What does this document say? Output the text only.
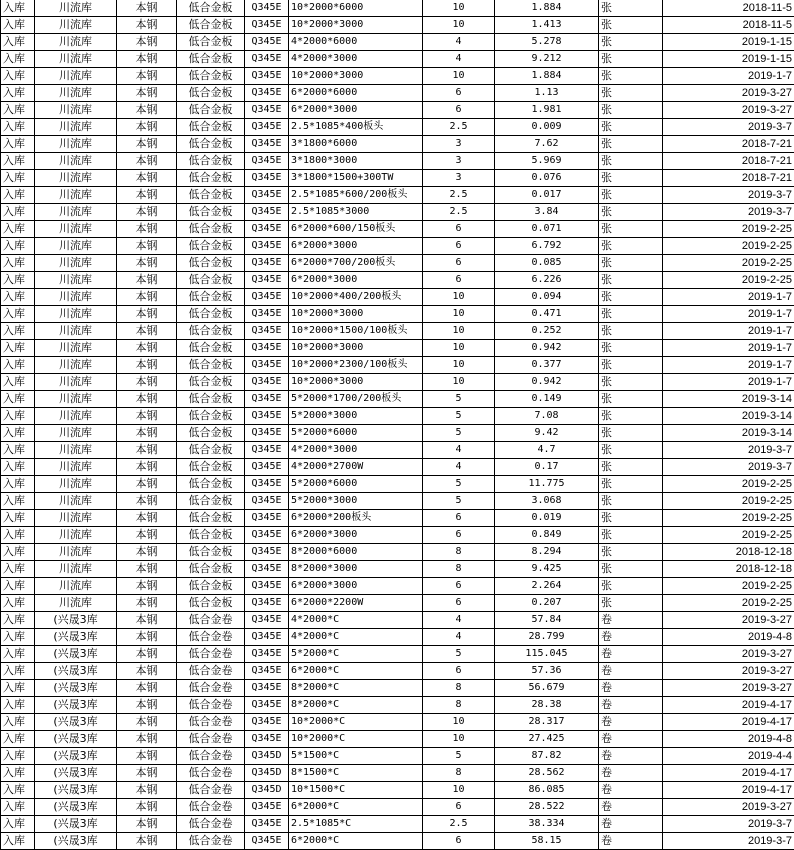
入库	川流库	本钢	低合金板	Q345E	10*2000*6000	10	1.884	张	2018-11-5
入库	川流库	本钢	低合金板	Q345E	10*2000*3000	10	1.413	张	2018-11-5
入库	川流库	本钢	低合金板	Q345E	4*2000*6000	4	5.278	张	2019-1-15
入库	川流库	本钢	低合金板	Q345E	4*2000*3000	4	9.212	张	2019-1-15
入库	川流库	本钢	低合金板	Q345E	10*2000*3000	10	1.884	张	2019-1-7
入库	川流库	本钢	低合金板	Q345E	6*2000*6000	6	1.13	张	2019-3-27
入库	川流库	本钢	低合金板	Q345E	6*2000*3000	6	1.981	张	2019-3-27
入库	川流库	本钢	低合金板	Q345E	2.5*1085*400板头	2.5	0.009	张	2019-3-7
入库	川流库	本钢	低合金板	Q345E	3*1800*6000	3	7.62	张	2018-7-21
入库	川流库	本钢	低合金板	Q345E	3*1800*3000	3	5.969	张	2018-7-21
入库	川流库	本钢	低合金板	Q345E	3*1800*1500+300TW	3	0.076	张	2018-7-21
入库	川流库	本钢	低合金板	Q345E	2.5*1085*600/200板头	2.5	0.017	张	2019-3-7
入库	川流库	本钢	低合金板	Q345E	2.5*1085*3000	2.5	3.84	张	2019-3-7
入库	川流库	本钢	低合金板	Q345E	6*2000*600/150板头	6	0.071	张	2019-2-25
入库	川流库	本钢	低合金板	Q345E	6*2000*3000	6	6.792	张	2019-2-25
入库	川流库	本钢	低合金板	Q345E	6*2000*700/200板头	6	0.085	张	2019-2-25
入库	川流库	本钢	低合金板	Q345E	6*2000*3000	6	6.226	张	2019-2-25
入库	川流库	本钢	低合金板	Q345E	10*2000*400/200板头	10	0.094	张	2019-1-7
入库	川流库	本钢	低合金板	Q345E	10*2000*3000	10	0.471	张	2019-1-7
入库	川流库	本钢	低合金板	Q345E	10*2000*1500/100板头	10	0.252	张	2019-1-7
入库	川流库	本钢	低合金板	Q345E	10*2000*3000	10	0.942	张	2019-1-7
入库	川流库	本钢	低合金板	Q345E	10*2000*2300/100板头	10	0.377	张	2019-1-7
入库	川流库	本钢	低合金板	Q345E	10*2000*3000	10	0.942	张	2019-1-7
入库	川流库	本钢	低合金板	Q345E	5*2000*1700/200板头	5	0.149	张	2019-3-14
入库	川流库	本钢	低合金板	Q345E	5*2000*3000	5	7.08	张	2019-3-14
入库	川流库	本钢	低合金板	Q345E	5*2000*6000	5	9.42	张	2019-3-14
入库	川流库	本钢	低合金板	Q345E	4*2000*3000	4	4.7	张	2019-3-7
入库	川流库	本钢	低合金板	Q345E	4*2000*2700W	4	0.17	张	2019-3-7
入库	川流库	本钢	低合金板	Q345E	5*2000*6000	5	11.775	张	2019-2-25
入库	川流库	本钢	低合金板	Q345E	5*2000*3000	5	3.068	张	2019-2-25
入库	川流库	本钢	低合金板	Q345E	6*2000*200板头	6	0.019	张	2019-2-25
入库	川流库	本钢	低合金板	Q345E	6*2000*3000	6	0.849	张	2019-2-25
入库	川流库	本钢	低合金板	Q345E	8*2000*6000	8	8.294	张	2018-12-18
入库	川流库	本钢	低合金板	Q345E	8*2000*3000	8	9.425	张	2018-12-18
入库	川流库	本钢	低合金板	Q345E	6*2000*3000	6	2.264	张	2019-2-25
入库	川流库	本钢	低合金板	Q345E	6*2000*2200W	6	0.207	张	2019-2-25
入库	(兴晟3库	本钢	低合金卷	Q345E	4*2000*C	4	57.84	卷	2019-3-27
入库	(兴晟3库	本钢	低合金卷	Q345E	4*2000*C	4	28.799	卷	2019-4-8
入库	(兴晟3库	本钢	低合金卷	Q345E	5*2000*C	5	115.045	卷	2019-3-27
入库	(兴晟3库	本钢	低合金卷	Q345E	6*2000*C	6	57.36	卷	2019-3-27
入库	(兴晟3库	本钢	低合金卷	Q345E	8*2000*C	8	56.679	卷	2019-3-27
入库	(兴晟3库	本钢	低合金卷	Q345E	8*2000*C	8	28.38	卷	2019-4-17
入库	(兴晟3库	本钢	低合金卷	Q345E	10*2000*C	10	28.317	卷	2019-4-17
入库	(兴晟3库	本钢	低合金卷	Q345E	10*2000*C	10	27.425	卷	2019-4-8
入库	(兴晟3库	本钢	低合金卷	Q345D	5*1500*C	5	87.82	卷	2019-4-4
入库	(兴晟3库	本钢	低合金卷	Q345D	8*1500*C	8	28.562	卷	2019-4-17
入库	(兴晟3库	本钢	低合金卷	Q345D	10*1500*C	10	86.085	卷	2019-4-17
入库	(兴晟3库	本钢	低合金卷	Q345E	6*2000*C	6	28.522	卷	2019-3-27
入库	(兴晟3库	本钢	低合金卷	Q345E	2.5*1085*C	2.5	38.334	卷	2019-3-7
入库	(兴晟3库	本钢	低合金卷	Q345E	6*2000*C	6	58.15	卷	2019-3-7
